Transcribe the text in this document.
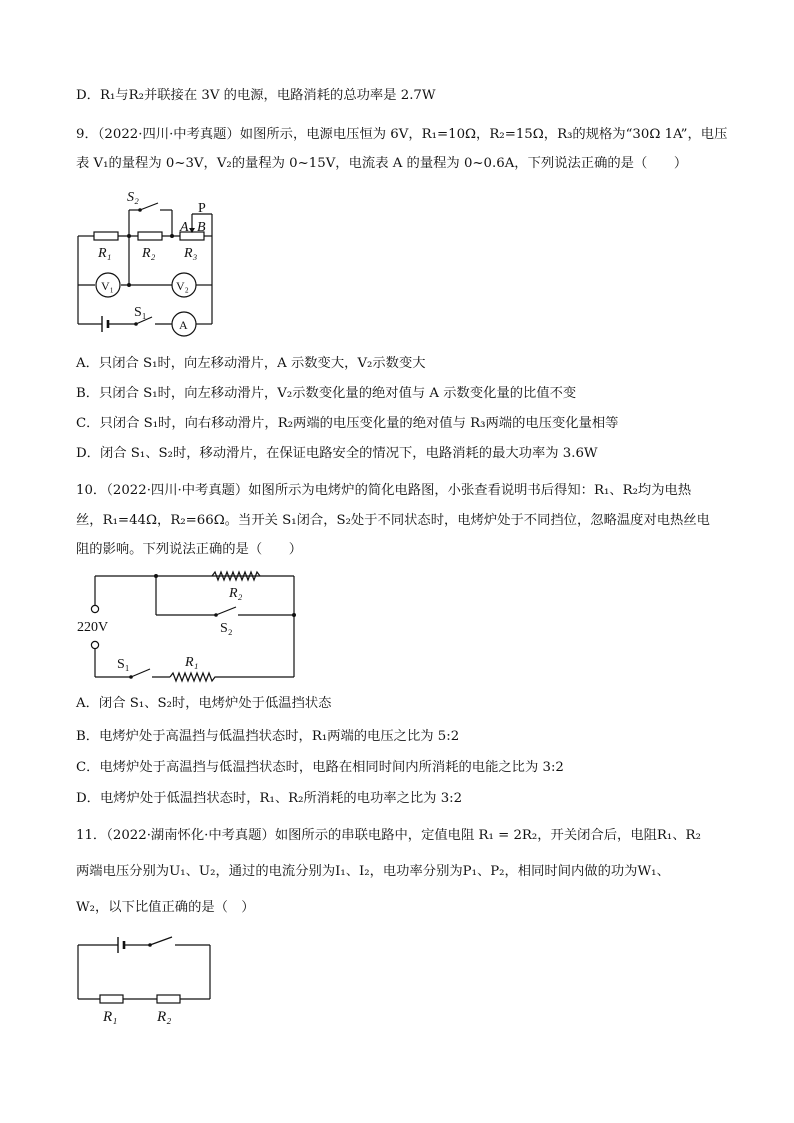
D．R₁与R₂并联接在 3V 的电源，电路消耗的总功率是 2.7W
9．（2022·四川·中考真题）如图所示，电源电压恒为 6V，R₁=10Ω，R₂=15Ω，R₃的规格为“30Ω 1A”，电压
表 V₁的量程为 0~3V，V₂的量程为 0~15V，电流表 A 的量程为 0~0.6A，下列说法正确的是（　　）
S₂
P
A B
R₁ R₂ R₃
V₁	V₂
S₁
A
A．只闭合 S₁时，向左移动滑片，A 示数变大，V₂示数变大
B．只闭合 S₁时，向左移动滑片，V₂示数变化量的绝对值与 A 示数变化量的比值不变
C．只闭合 S₁时，向右移动滑片，R₂两端的电压变化量的绝对值与 R₃两端的电压变化量相等
D．闭合 S₁、S₂时，移动滑片，在保证电路安全的情况下，电路消耗的最大功率为 3.6W
10．（2022·四川·中考真题）如图所示为电烤炉的简化电路图，小张查看说明书后得知：R₁、R₂均为电热
丝，R₁=44Ω，R₂=66Ω。当开关 S₁闭合，S₂处于不同状态时，电烤炉处于不同挡位，忽略温度对电热丝电
阻的影响。下列说法正确的是（　　）
R₂
220V	S₂
S₁	R₁
A．闭合 S₁、S₂时，电烤炉处于低温挡状态
B．电烤炉处于高温挡与低温挡状态时，R₁两端的电压之比为 5:2
C．电烤炉处于高温挡与低温挡状态时，电路在相同时间内所消耗的电能之比为 3:2
D．电烤炉处于低温挡状态时，R₁、R₂所消耗的电功率之比为 3:2
11．（2022·湖南怀化·中考真题）如图所示的串联电路中，定值电阻 R₁ = 2R₂，开关闭合后，电阻R₁、R₂
两端电压分别为U₁、U₂，通过的电流分别为I₁、I₂，电功率分别为P₁、P₂，相同时间内做的功为W₁、
W₂，以下比值正确的是（　）
R₁	R₂
